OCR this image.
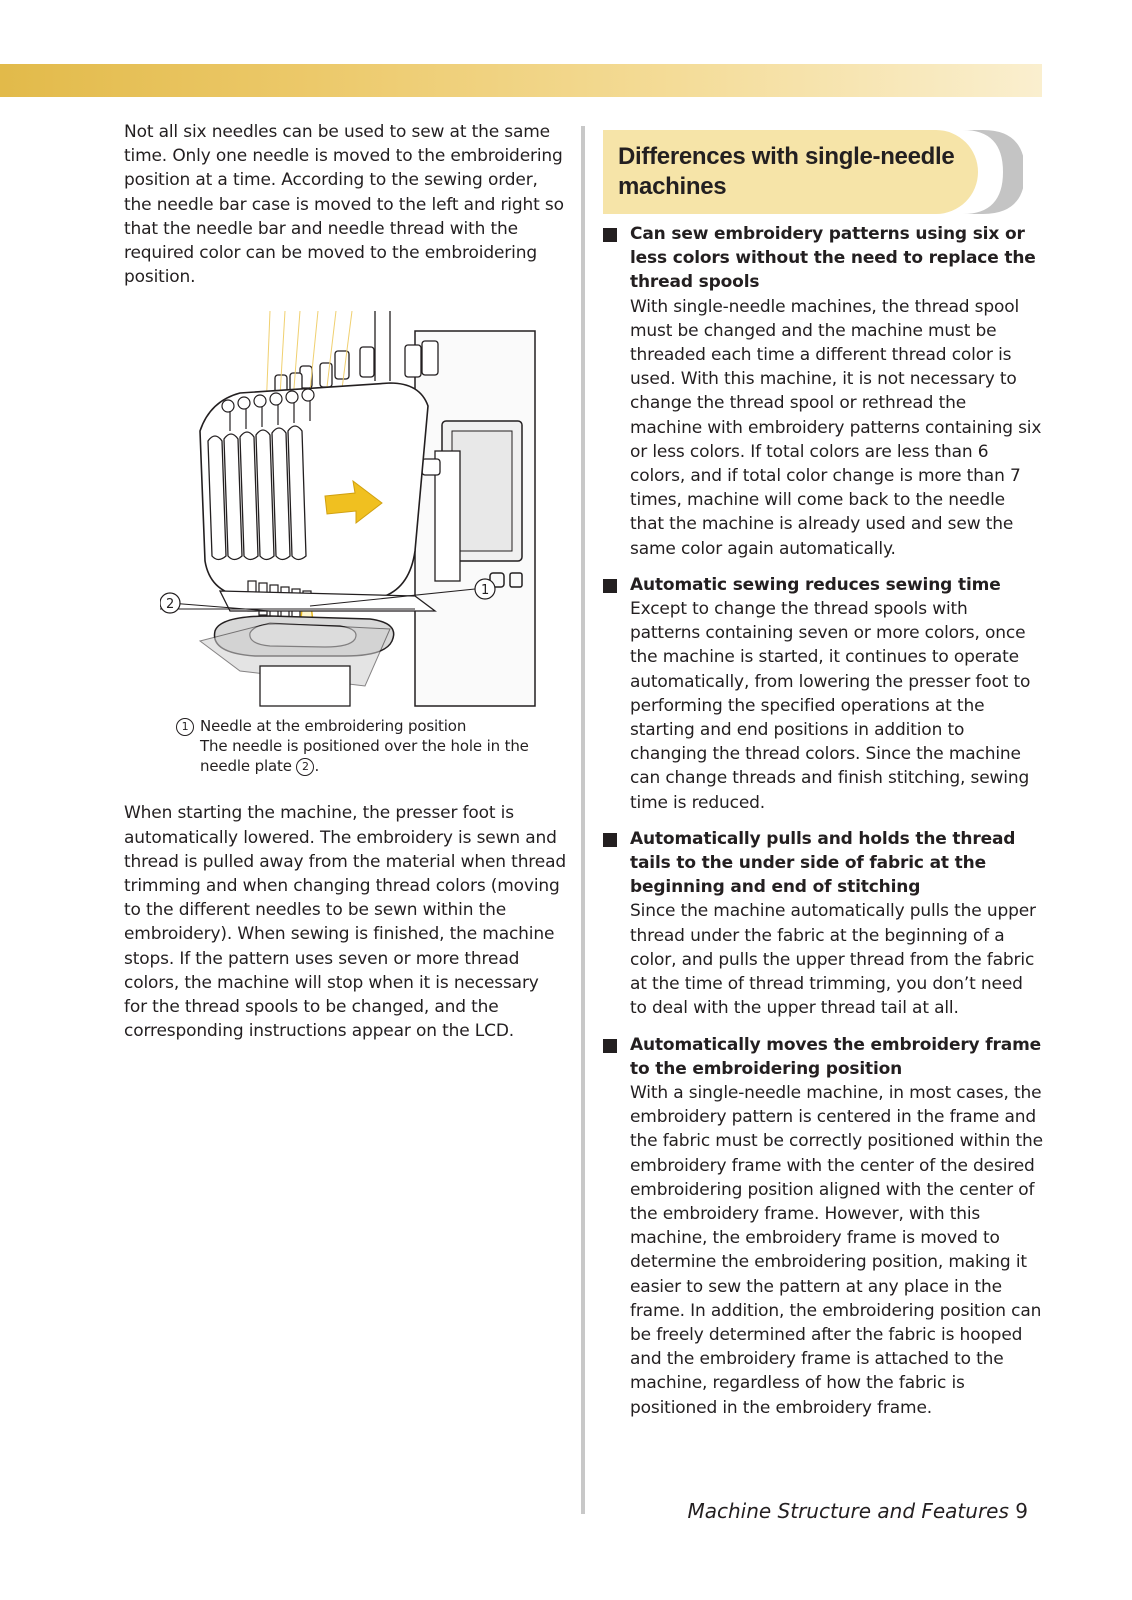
Not all six needles can be used to sew at the same time. Only one needle is moved to the embroidering position at a time. According to the sewing order, the needle bar case is moved to the left and right so that the needle bar and needle thread with the required color can be moved to the embroidering position.

2
1
1 Needle at the embroidering position
The needle is positioned over the hole in the
needle plate 2 .

When starting the machine, the presser foot is automatically lowered. The embroidery is sewn and thread is pulled away from the material when thread trimming and when changing thread colors (moving to the different needles to be sewn within the embroidery). When sewing is finished, the machine stops. If the pattern uses seven or more thread colors, the machine will stop when it is necessary for the thread spools to be changed, and the corresponding instructions appear on the LCD.

Differences with single-needle machines
Can sew embroidery patterns using six or less colors without the need to replace the thread spools
With single-needle machines, the thread spool must be changed and the machine must be threaded each time a different thread color is used. With this machine, it is not necessary to change the thread spool or rethread the machine with embroidery patterns containing six or less colors. If total colors are less than 6 colors, and if total color change is more than 7 times, machine will come back to the needle that the machine is already used and sew the same color again automatically.
Automatic sewing reduces sewing time
Except to change the thread spools with patterns containing seven or more colors, once the machine is started, it continues to operate automatically, from lowering the presser foot to performing the specified operations at the starting and end positions in addition to changing the thread colors. Since the machine can change threads and finish stitching, sewing time is reduced.
Automatically pulls and holds the thread tails to the under side of fabric at the beginning and end of stitching
Since the machine automatically pulls the upper thread under the fabric at the beginning of a color, and pulls the upper thread from the fabric at the time of thread trimming, you don’t need to deal with the upper thread tail at all.
Automatically moves the embroidery frame to the embroidering position
With a single-needle machine, in most cases, the embroidery pattern is centered in the frame and the fabric must be correctly positioned within the embroidery frame with the center of the desired embroidering position aligned with the center of the embroidery frame. However, with this machine, the embroidery frame is moved to determine the embroidering position, making it easier to sew the pattern at any place in the frame. In addition, the embroidering position can be freely determined after the fabric is hooped and the embroidery frame is attached to the machine, regardless of how the fabric is positioned in the embroidery frame.
Machine Structure and Features 9
